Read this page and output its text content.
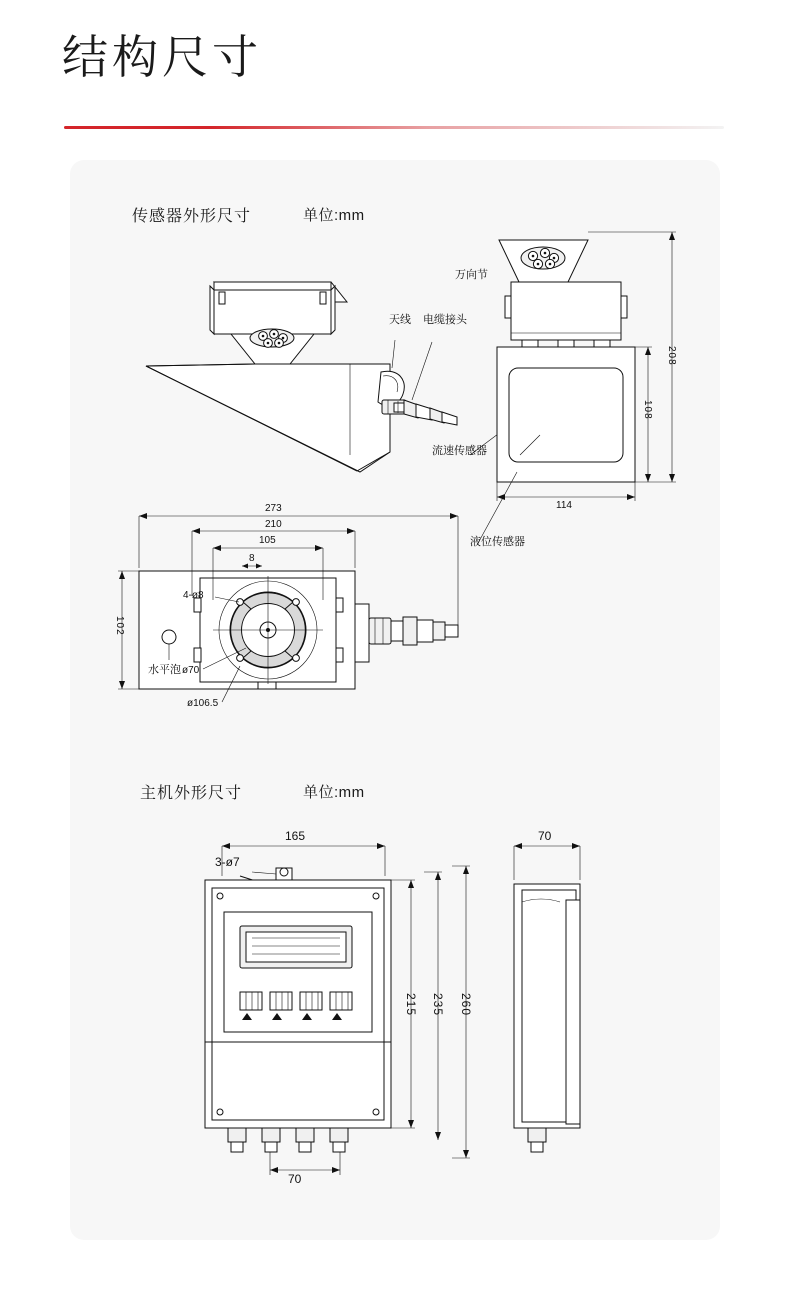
结构尺寸
传感器外形尺寸	单位:mm
主机外形尺寸	单位:mm
天线 电缆接头
万向节
流速传感器
液位传感器
水平泡
208
108
114
273
210
105
8
102
4-ø8
ø70
ø106.5
165
3-ø7
70
215 235 260
70
